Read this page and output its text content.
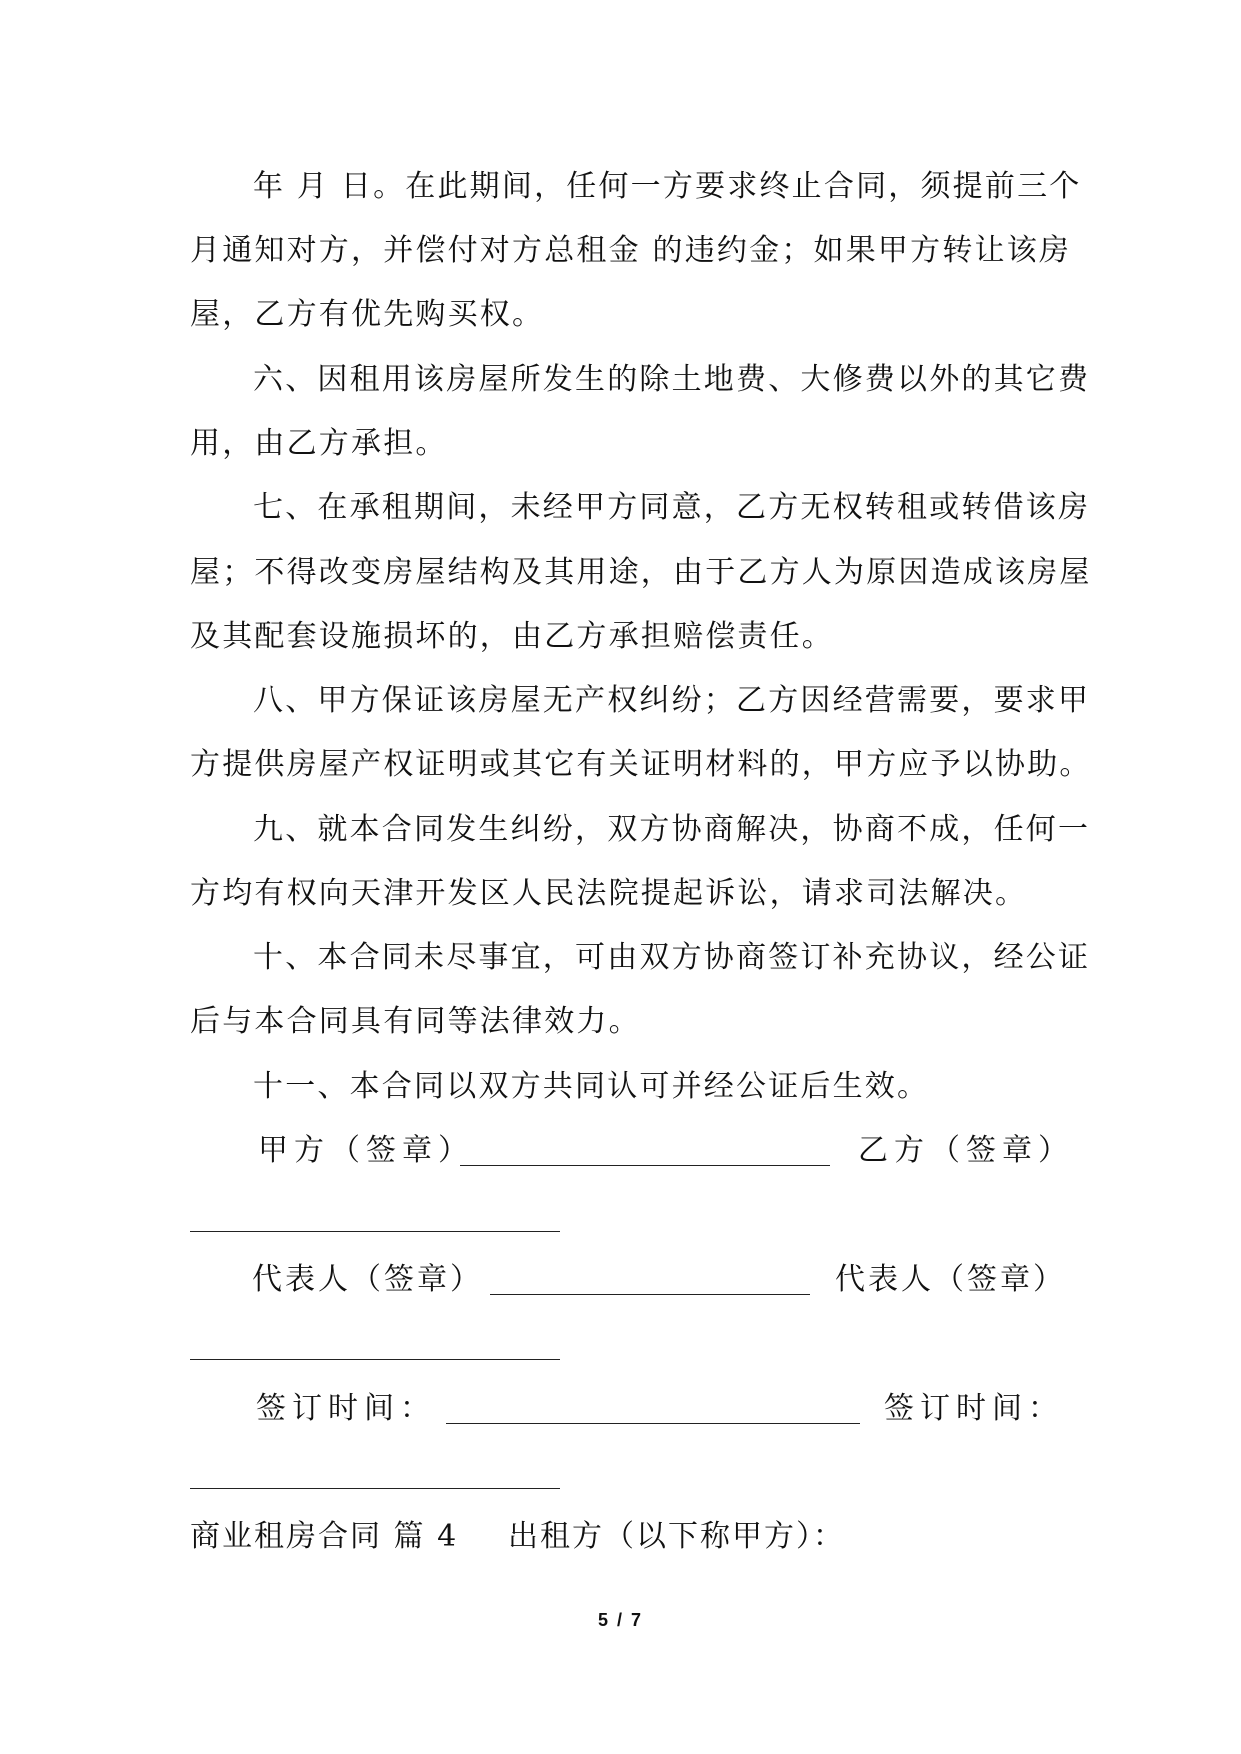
年 月 日。在此期间，任何一方要求终止合同，须提前三个
月通知对方，并偿付对方总租金 的违约金；如果甲方转让该房
屋，乙方有优先购买权。
六、因租用该房屋所发生的除土地费、大修费以外的其它费
用，由乙方承担。
七、在承租期间，未经甲方同意，乙方无权转租或转借该房
屋；不得改变房屋结构及其用途，由于乙方人为原因造成该房屋
及其配套设施损坏的，由乙方承担赔偿责任。
八、甲方保证该房屋无产权纠纷；乙方因经营需要，要求甲
方提供房屋产权证明或其它有关证明材料的，甲方应予以协助。
九、就本合同发生纠纷，双方协商解决，协商不成，任何一
方均有权向天津开发区人民法院提起诉讼，请求司法解决。
十、本合同未尽事宜，可由双方协商签订补充协议，经公证
后与本合同具有同等法律效力。
十一、本合同以双方共同认可并经公证后生效。
甲方（签章）	乙方（签章）
代表人（签章）	代表人（签章）
签订时间：	签订时间：
商业租房合同 篇 4 出租方（以下称甲方）：
5 / 7
